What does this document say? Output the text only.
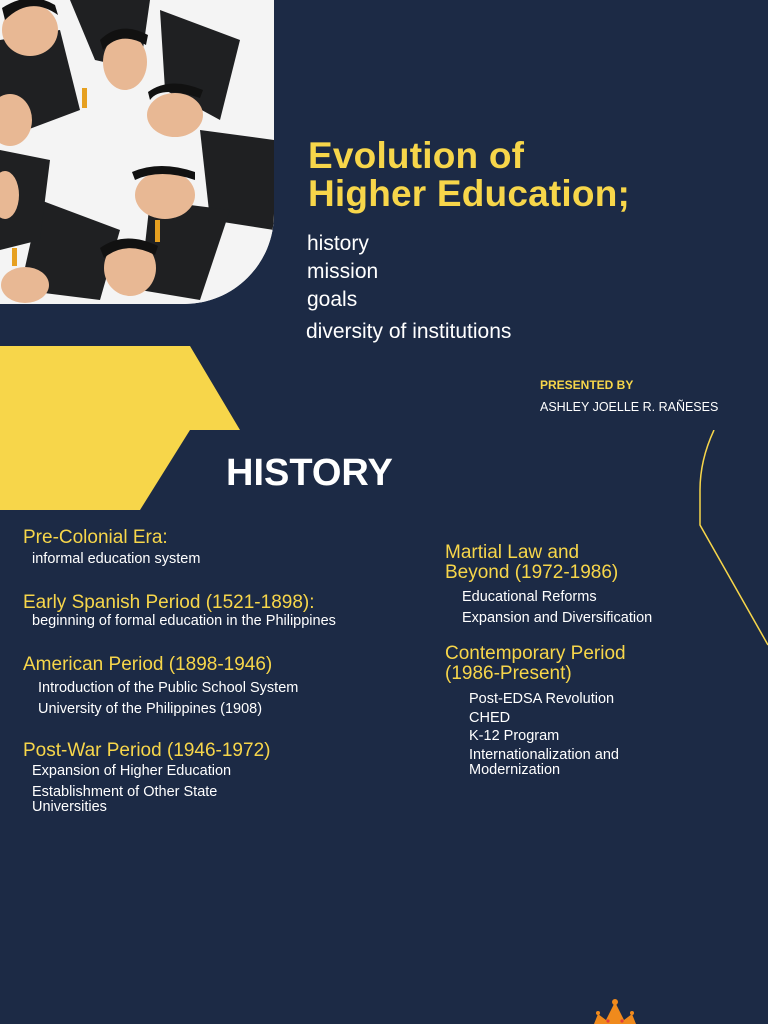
Evolution of
Higher Education;
history
mission
goals
diversity of institutions
PRESENTED BY
ASHLEY JOELLE R. RAÑESES
HISTORY
Pre-Colonial Era:
informal education system
Early Spanish Period (1521-1898):
beginning of formal education in the Philippines
American Period (1898-1946)
Introduction of the Public School System
University of the Philippines (1908)
Post-War Period (1946-1972)
Expansion of Higher Education
Establishment of Other State
Universities
Martial Law and
Beyond (1972-1986)
Educational Reforms
Expansion and Diversification
Contemporary Period
(1986-Present)
Post-EDSA Revolution
CHED
K-12 Program
Internationalization and
Modernization
